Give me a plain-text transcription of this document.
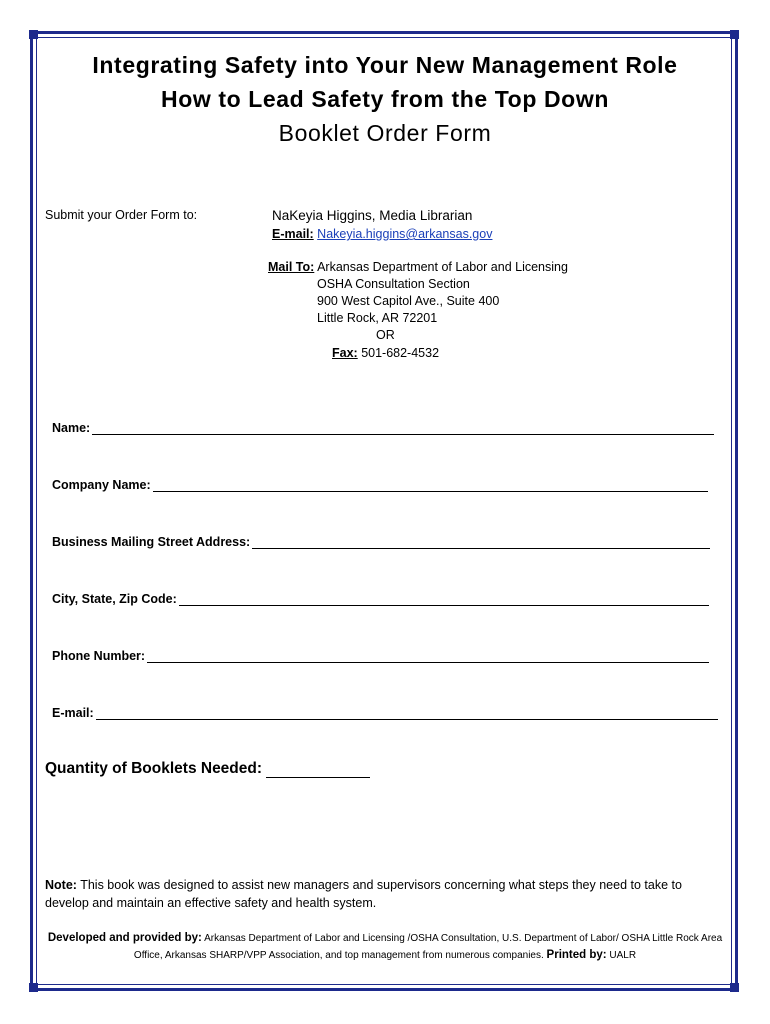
Integrating Safety into Your New Management Role
How to Lead Safety from the Top Down
Booklet Order Form
Submit your Order Form to:	NaKeyia Higgins, Media Librarian
E-mail: Nakeyia.higgins@arkansas.gov
Mail To: Arkansas Department of Labor and Licensing
OSHA Consultation Section
900 West Capitol Ave., Suite 400
Little Rock, AR 72201
OR
Fax: 501-682-4532
Name:
Company Name:
Business Mailing Street Address:
City, State, Zip Code:
Phone Number:
E-mail:
Quantity of Booklets Needed:
Note: This book was designed to assist new managers and supervisors concerning what steps they need to take to develop and maintain an effective safety and health system.
Developed and provided by: Arkansas Department of Labor and Licensing /OSHA Consultation, U.S. Department of Labor/ OSHA Little Rock Area Office, Arkansas SHARP/VPP Association, and top management from numerous companies. Printed by: UALR
